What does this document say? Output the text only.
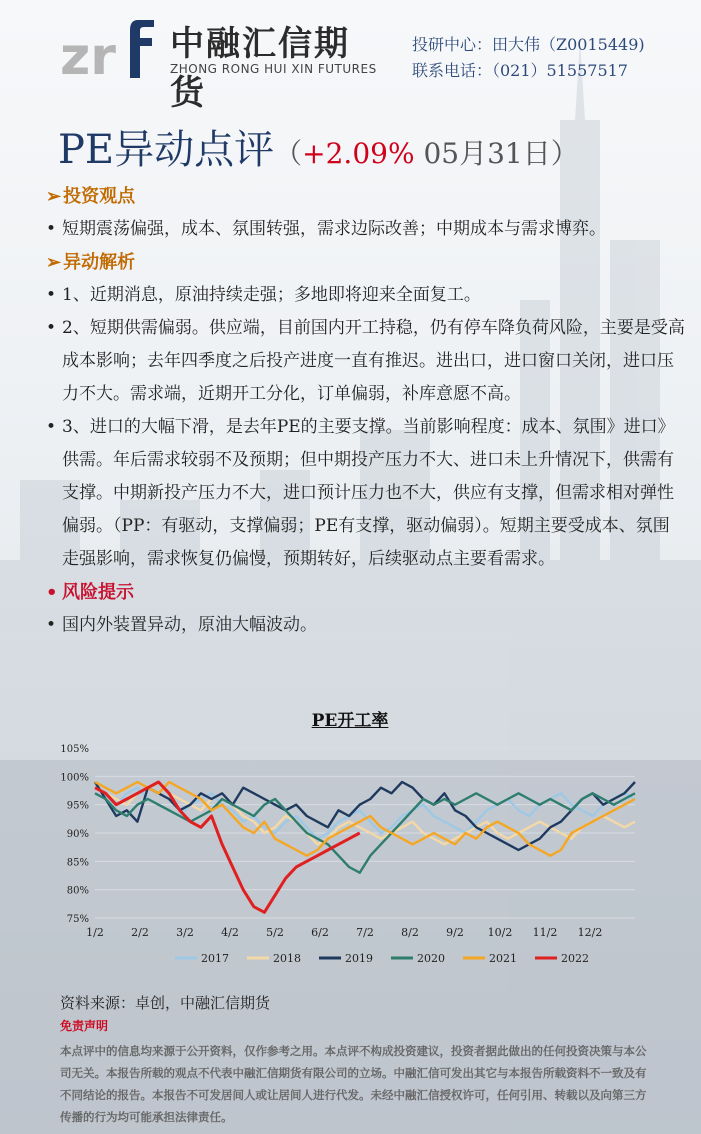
zr 中融汇信期货
ZHONG RONG HUI XIN FUTURES
投研中心：田大伟（Z0015449)
联系电话：（021）51557517
PE异动点评（+2.09% 05月31日）
➢ 投资观点
• 短期震荡偏强，成本、氛围转强，需求边际改善；中期成本与需求博弈。
➢ 异动解析
• 1、近期消息，原油持续走强；多地即将迎来全面复工。
• 2、短期供需偏弱。供应端，目前国内开工持稳，仍有停车降负荷风险，主要是受高成本影响；去年四季度之后投产进度一直有推迟。进出口，进口窗口关闭，进口压力不大。需求端，近期开工分化，订单偏弱，补库意愿不高。
• 3、进口的大幅下滑，是去年PE的主要支撑。当前影响程度：成本、氛围》进口》供需。年后需求较弱不及预期；但中期投产压力不大、进口未上升情况下，供需有支撑。中期新投产压力不大，进口预计压力也不大，供应有支撑，但需求相对弹性偏弱。（PP：有驱动，支撑偏弱；PE有支撑，驱动偏弱）。短期主要受成本、氛围走强影响，需求恢复仍偏慢，预期转好，后续驱动点主要看需求。
• 风险提示
• 国内外装置异动，原油大幅波动。
PE开工率
105%
100%
95%
90%
85%
80%
75%
1/2 2/2 3/2 4/2 5/2 6/2 7/2 8/2 9/2 10/2 11/2 12/2
2017	2018	2019	2020	2021	2022
资料来源：卓创，中融汇信期货
免责声明
本点评中的信息均来源于公开资料，仅作参考之用。本点评不构成投资建议，投资者据此做出的任何投资决策与本公司无关。本报告所载的观点不代表中融汇信期货有限公司的立场。中融汇信可发出其它与本报告所载资料不一致及有不同结论的报告。本报告不可发居间人或让居间人进行代发。未经中融汇信授权许可，任何引用、转载以及向第三方传播的行为均可能承担法律责任。
